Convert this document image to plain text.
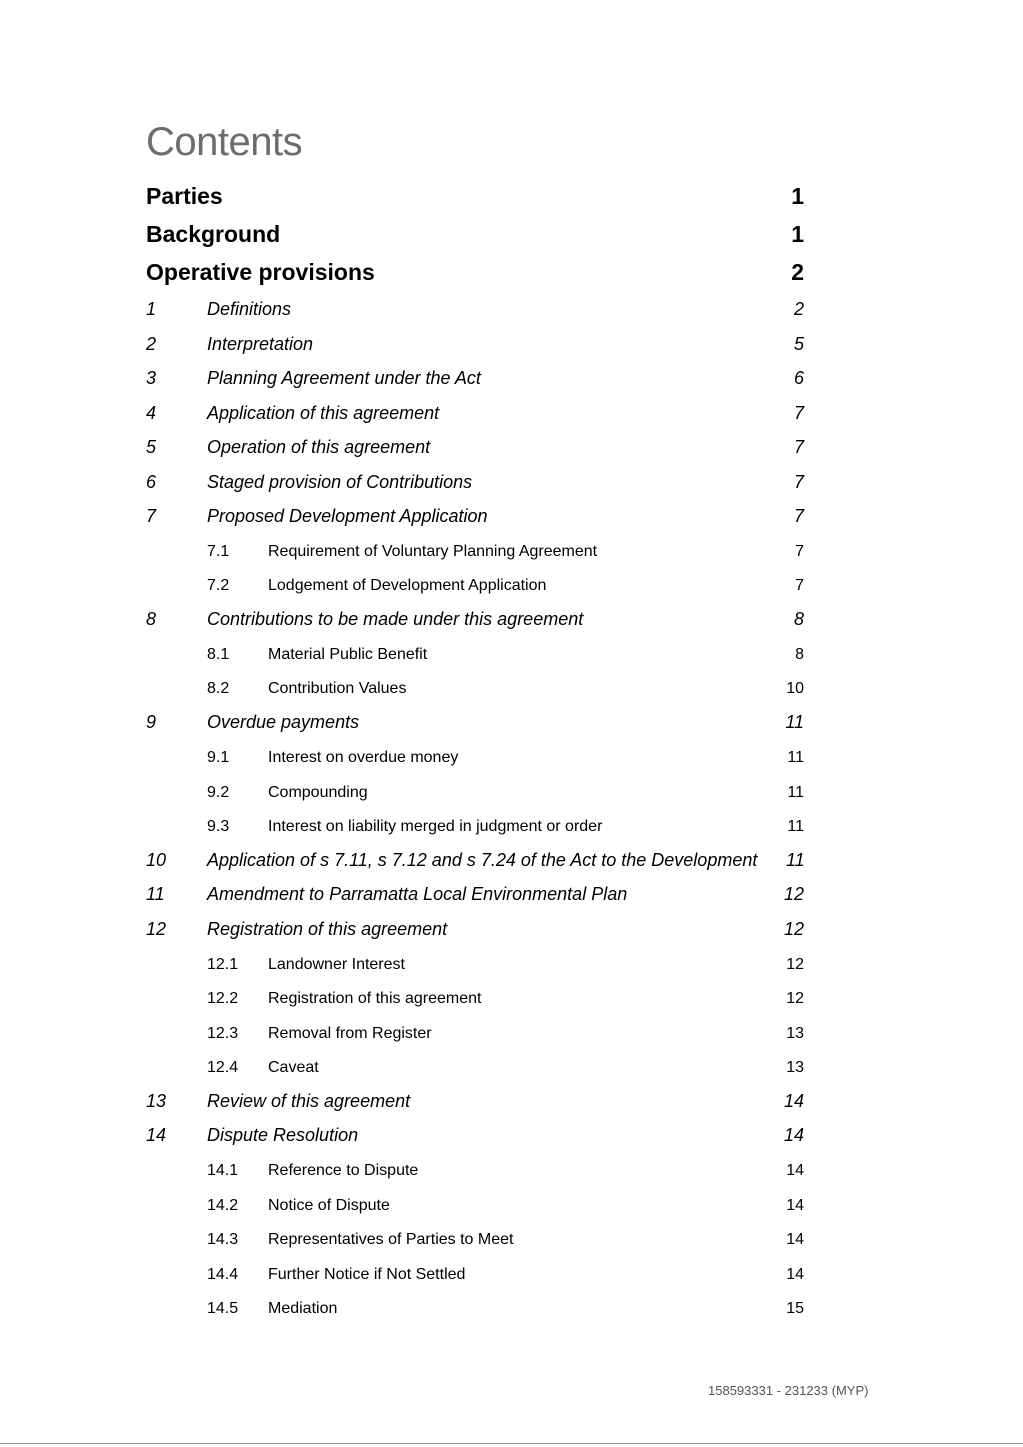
Contents
Parties	1
Background	1
Operative provisions	2
1	Definitions	2
2	Interpretation	5
3	Planning Agreement under the Act	6
4	Application of this agreement	7
5	Operation of this agreement	7
6	Staged provision of Contributions	7
7	Proposed Development Application	7
7.1 Requirement of Voluntary Planning Agreement	7
7.2 Lodgement of Development Application	7
8	Contributions to be made under this agreement	8
8.1 Material Public Benefit	8
8.2 Contribution Values	10
9	Overdue payments	11
9.1 Interest on overdue money	11
9.2 Compounding	11
9.3 Interest on liability merged in judgment or order	11
10 Application of s 7.11, s 7.12 and s 7.24 of the Act to the Development 11
11 Amendment to Parramatta Local Environmental Plan	12
12 Registration of this agreement	12
12.1 Landowner Interest	12
12.2 Registration of this agreement	12
12.3 Removal from Register	13
12.4 Caveat	13
13 Review of this agreement	14
14 Dispute Resolution	14
14.1 Reference to Dispute	14
14.2 Notice of Dispute	14
14.3 Representatives of Parties to Meet	14
14.4 Further Notice if Not Settled	14
14.5 Mediation	15
158593331 - 231233 (MYP)
